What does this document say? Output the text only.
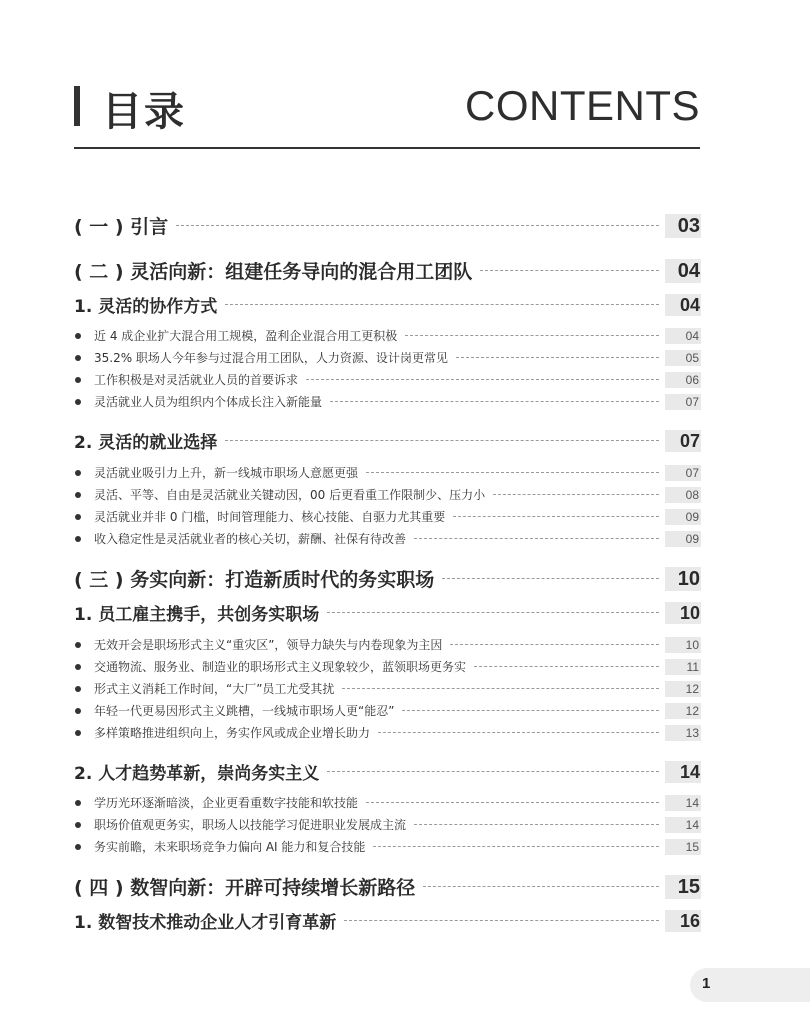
目录	CONTENTS
( 一 ) 引言	03
( 二 ) 灵活向新：组建任务导向的混合用工团队	04
1. 灵活的协作方式	04
近 4 成企业扩大混合用工规模，盈利企业混合用工更积极	04
35.2% 职场人今年参与过混合用工团队，人力资源、设计岗更常见	05
工作积极是对灵活就业人员的首要诉求	06
灵活就业人员为组织内个体成长注入新能量	07
2. 灵活的就业选择	07
灵活就业吸引力上升，新一线城市职场人意愿更强	07
灵活、平等、自由是灵活就业关键动因，00 后更看重工作限制少、压力小	08
灵活就业并非 0 门槛，时间管理能力、核心技能、自驱力尤其重要	09
收入稳定性是灵活就业者的核心关切，薪酬、社保有待改善	09
( 三 ) 务实向新：打造新质时代的务实职场	10
1. 员工雇主携手，共创务实职场	10
无效开会是职场形式主义“重灾区”，领导力缺失与内卷现象为主因	10
交通物流、服务业、制造业的职场形式主义现象较少，蓝领职场更务实	11
形式主义消耗工作时间，“大厂”员工尤受其扰	12
年轻一代更易因形式主义跳槽，一线城市职场人更“能忍”	12
多样策略推进组织向上，务实作风或成企业增长助力	13
2. 人才趋势革新，崇尚务实主义	14
学历光环逐渐暗淡，企业更看重数字技能和软技能	14
职场价值观更务实，职场人以技能学习促进职业发展成主流	14
务实前瞻，未来职场竞争力偏向 AI 能力和复合技能	15
( 四 ) 数智向新：开辟可持续增长新路径	15
1. 数智技术推动企业人才引育革新	16
1
